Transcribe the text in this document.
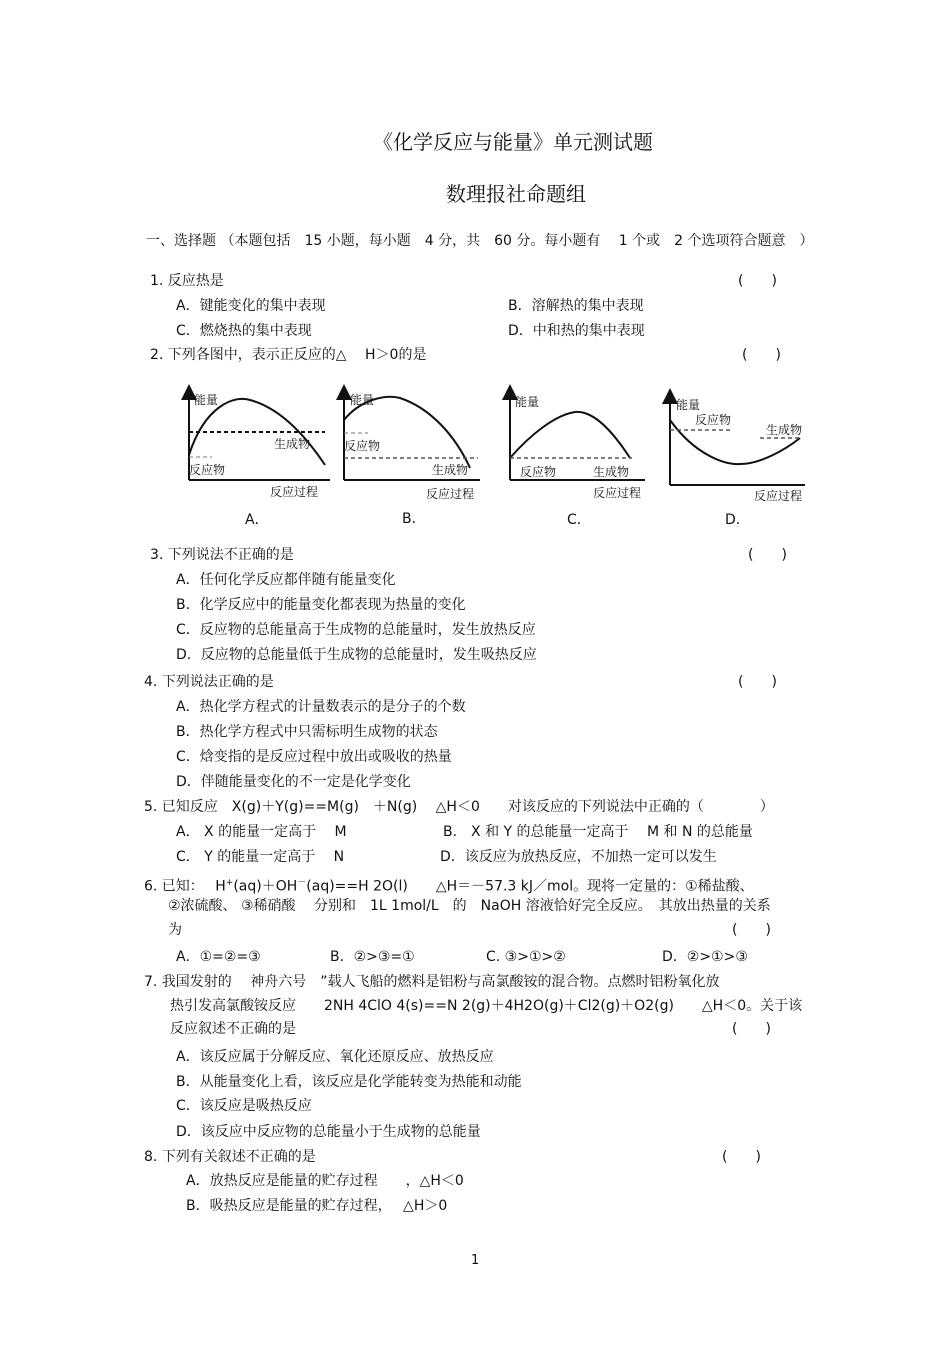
《化学反应与能量》单元测试题
数理报社命题组
一、选择题 （本题包括　15 小题，每小题　4 分，共　60 分。每小题有　 1 个或　2 个选项符合题意　）
1. 反应热是	(　　)
A．键能变化的集中表现	B．溶解热的集中表现
C．燃烧热的集中表现	D．中和热的集中表现
2. 下列各图中，表示正反应的△　 H＞0的是	(　　)
能量
生成物
反应物
反应过程
能量
反应物
生成物
反应过程
能量
反应物	生成物
反应过程
能量
反应物
生成物
反应过程
A．	B．	C．	D．
3. 下列说法不正确的是	(　　)
A．任何化学反应都伴随有能量变化
B．化学反应中的能量变化都表现为热量的变化
C．反应物的总能量高于生成物的总能量时，发生放热反应
D．反应物的总能量低于生成物的总能量时，发生吸热反应
4. 下列说法正确的是	(　　)
A．热化学方程式的计量数表示的是分子的个数
B．热化学方程式中只需标明生成物的状态
C．焓变指的是反应过程中放出或吸收的热量
D．伴随能量变化的不一定是化学变化
5. 已知反应　X(g)＋Y(g)==M(g)　＋N(g)　 △H＜0　　对该反应的下列说法中正确的（　　　　）
A． X 的能量一定高于　 M	B． X 和 Y 的总能量一定高于　 M 和 N 的总能量
C． Y 的能量一定高于　 N	D．该反应为放热反应，不加热一定可以发生
6. 已知：　 H+(aq)＋OH－(aq)==H 2O(l)　　△H＝－57.3 kJ／mol。现将一定量的：①稀盐酸、
②浓硫酸、 ③稀硝酸　 分别和　1L 1mol/L　的　NaOH 溶液恰好完全反应。　其放出热量的关系
为	(　　)
A．①=②=③	B．②>③=①	C. ③>①>②	D．②>①>③
7. 我国发射的　 神舟六号　”载人飞船的燃料是铝粉与高氯酸铵的混合物。点燃时铝粉氧化放
热引发高氯酸铵反应　　2NH 4ClO 4(s)==N 2(g)＋4H2O(g)＋Cl2(g)＋O2(g)　　△H＜0。关于该
反应叙述不正确的是	(　　)
A．该反应属于分解反应、氧化还原反应、放热反应
B．从能量变化上看，该反应是化学能转变为热能和动能
C．该反应是吸热反应
D．该反应中反应物的总能量小于生成物的总能量
8. 下列有关叙述不正确的是	(　　)
A．放热反应是能量的贮存过程　　，△H＜0
B．吸热反应是能量的贮存过程，　 △H＞0
1
